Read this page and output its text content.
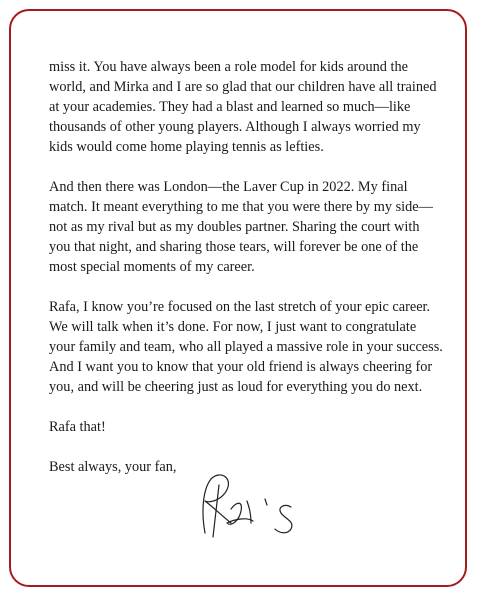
miss it. You have always been a role model for kids around the
world, and Mirka and I are so glad that our children have all trained
at your academies. They had a blast and learned so much—like
thousands of other young players. Although I always worried my
kids would come home playing tennis as lefties.

And then there was London—the Laver Cup in 2022. My final
match. It meant everything to me that you were there by my side—
not as my rival but as my doubles partner. Sharing the court with
you that night, and sharing those tears, will forever be one of the
most special moments of my career.

Rafa, I know you’re focused on the last stretch of your epic career.
We will talk when it’s done. For now, I just want to congratulate
your family and team, who all played a massive role in your success.
And I want you to know that your old friend is always cheering for
you, and will be cheering just as loud for everything you do next.

Rafa that!

Best always, your fan,
